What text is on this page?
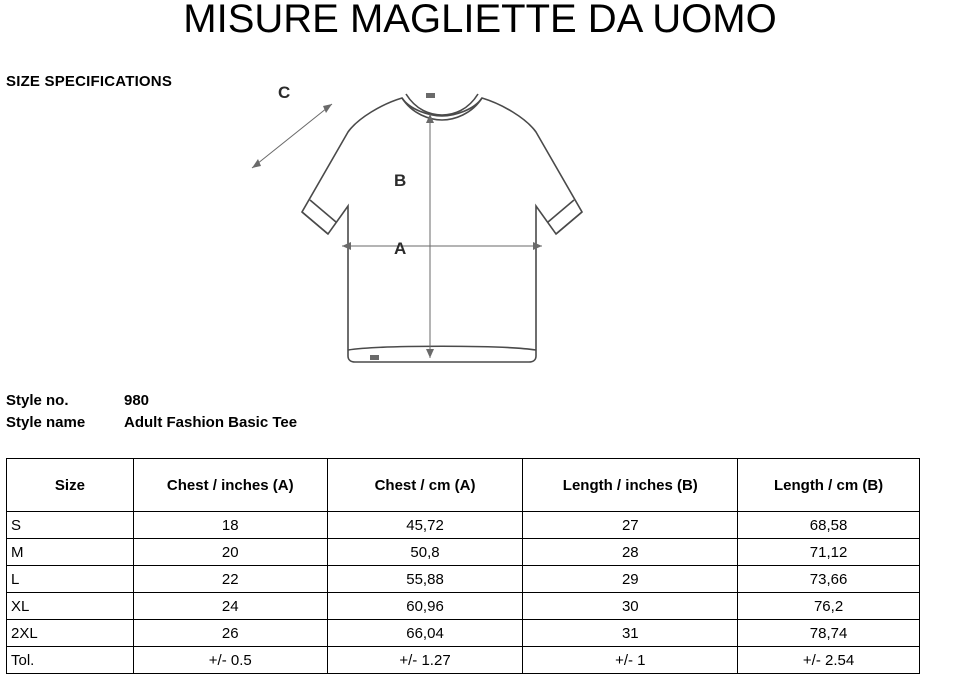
MISURE MAGLIETTE DA UOMO
SIZE SPECIFICATIONS
C
B
A
Style no.	980
Style name	Adult Fashion Basic Tee
Size	Chest / inches (A)	Chest / cm (A)	Length / inches (B)	Length / cm (B)
S	18	45,72	27	68,58
M	20	50,8	28	71,12
L	22	55,88	29	73,66
XL	24	60,96	30	76,2
2XL	26	66,04	31	78,74
Tol.	+/- 0.5	+/- 1.27	+/- 1	+/- 2.54
